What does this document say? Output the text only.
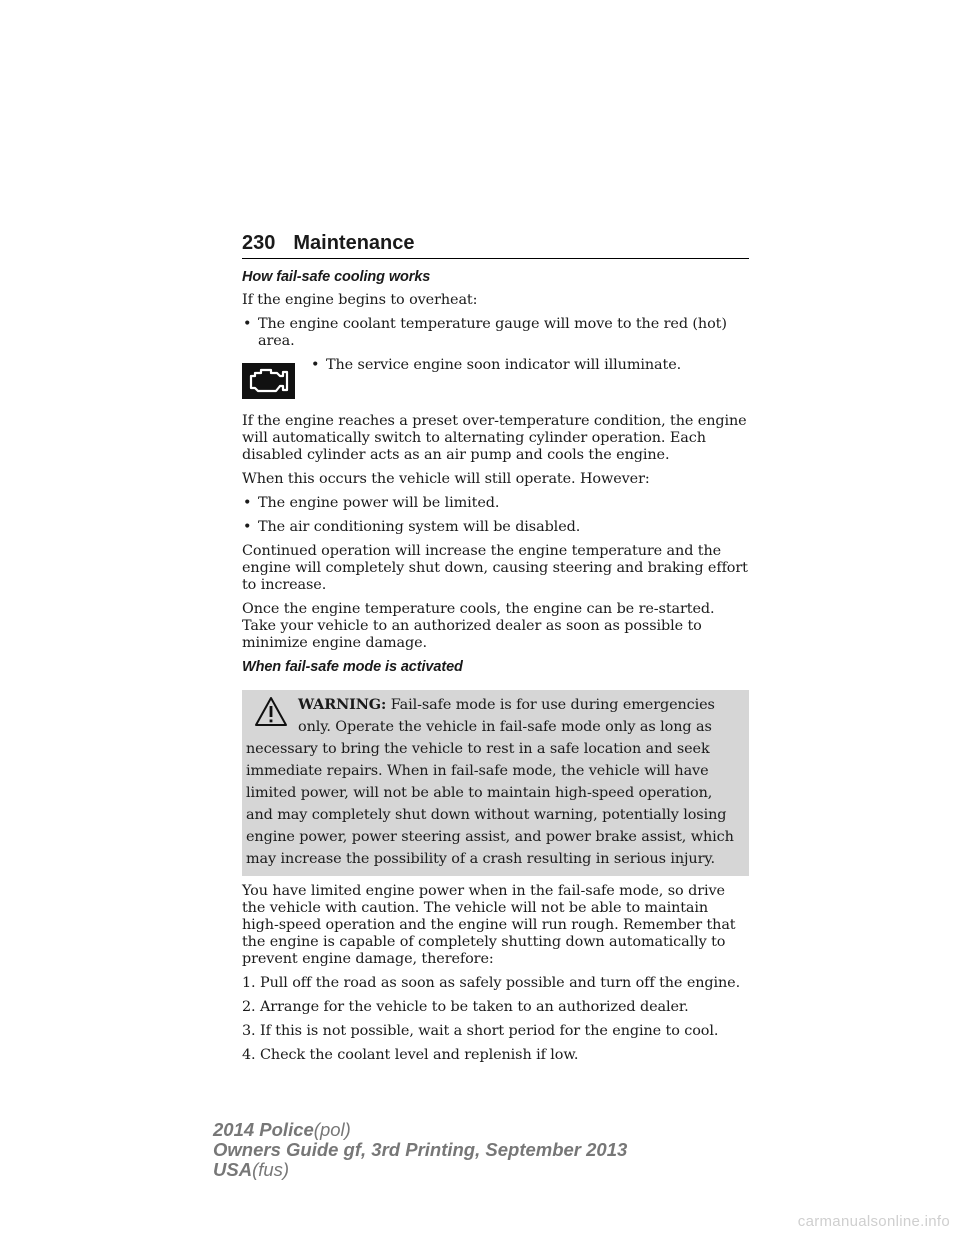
230 Maintenance
How fail-safe cooling works

If the engine begins to overheat:

• The engine coolant temperature gauge will move to the red (hot) area.
• The service engine soon indicator will illuminate.

If the engine reaches a preset over-temperature condition, the engine will automatically switch to alternating cylinder operation. Each disabled cylinder acts as an air pump and cools the engine.

When this occurs the vehicle will still operate. However:

• The engine power will be limited.
• The air conditioning system will be disabled.

Continued operation will increase the engine temperature and the engine will completely shut down, causing steering and braking effort to increase.

Once the engine temperature cools, the engine can be re-started. Take your vehicle to an authorized dealer as soon as possible to minimize engine damage.

When fail-safe mode is activated
WARNING: Fail-safe mode is for use during emergencies only. Operate the vehicle in fail-safe mode only as long as necessary to bring the vehicle to rest in a safe location and seek immediate repairs. When in fail-safe mode, the vehicle will have limited power, will not be able to maintain high-speed operation, and may completely shut down without warning, potentially losing engine power, power steering assist, and power brake assist, which may increase the possibility of a crash resulting in serious injury.

You have limited engine power when in the fail-safe mode, so drive the vehicle with caution. The vehicle will not be able to maintain high-speed operation and the engine will run rough. Remember that the engine is capable of completely shutting down automatically to prevent engine damage, therefore:

1. Pull off the road as soon as safely possible and turn off the engine.

2. Arrange for the vehicle to be taken to an authorized dealer.

3. If this is not possible, wait a short period for the engine to cool.

4. Check the coolant level and replenish if low.

2014 Police(pol)
Owners Guide gf, 3rd Printing, September 2013
USA(fus)
carmanualsonline.info
